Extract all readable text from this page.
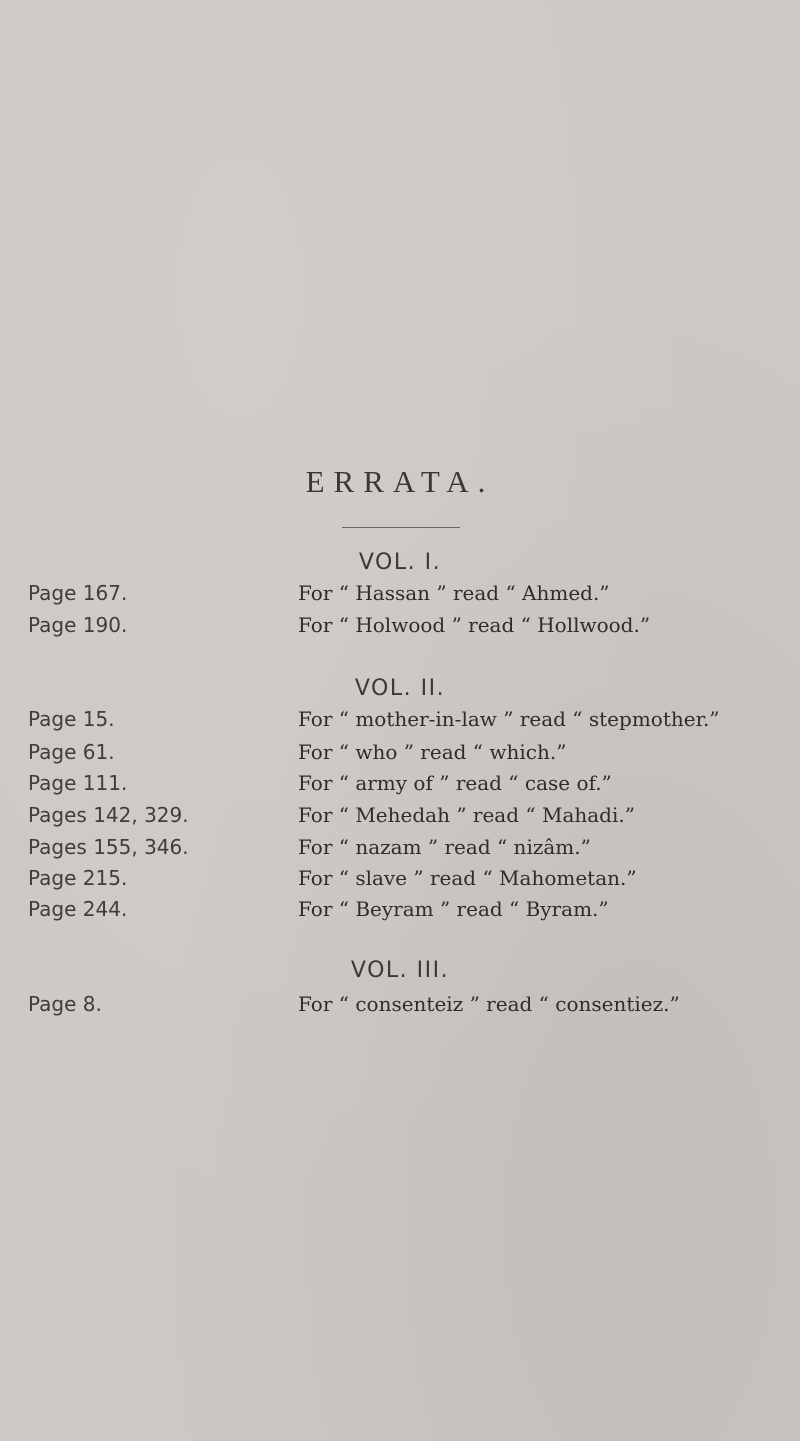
ERRATA.
VOL. I.
Page 167.	For “ Hassan ” read “ Ahmed.”
Page 190.	For “ Holwood ” read “ Hollwood.”
VOL. II.
Page 15.	For “ mother-in-law ” read “ stepmother.”
Page 61.	For “ who ” read “ which.”
Page 111.	For “ army of ” read “ case of.”
Pages 142, 329.	For “ Mehedah ” read “ Mahadi.”
Pages 155, 346.	For “ nazam ” read “ nizâm.”
Page 215.	For “ slave ” read “ Mahometan.”
Page 244.	For “ Beyram ” read “ Byram.”
VOL. III.
Page 8.	For “ consenteiz ” read “ consentiez.”
